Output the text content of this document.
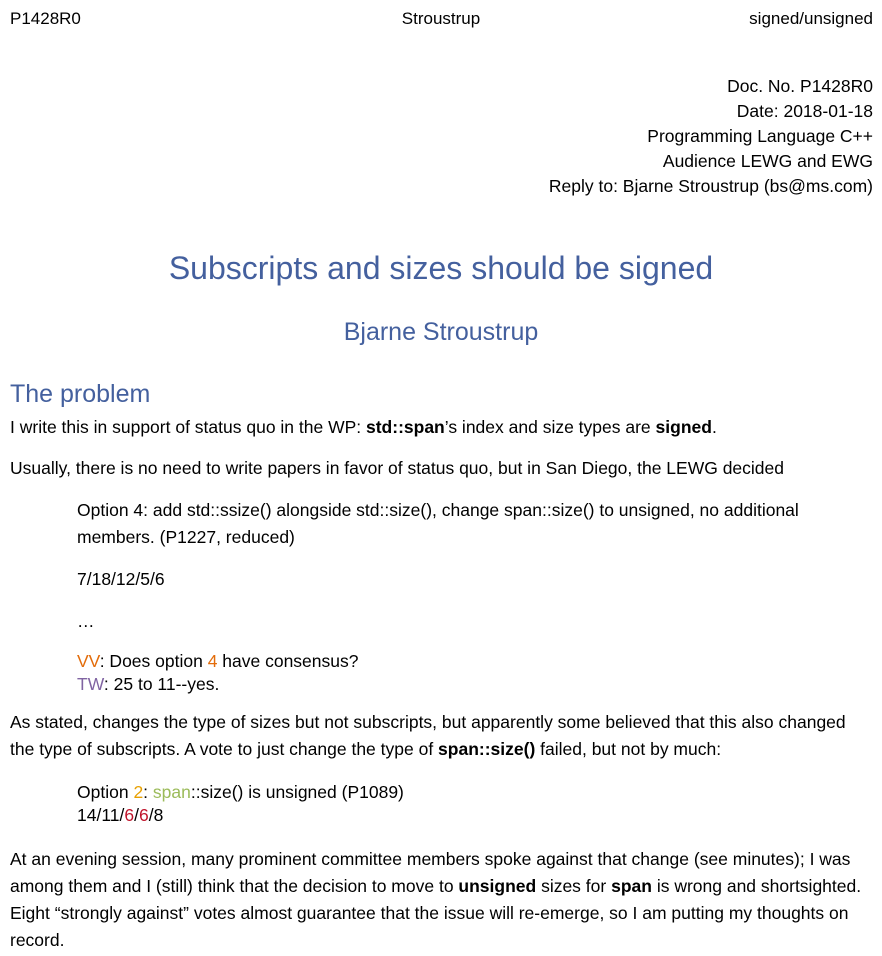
P1428R0	Stroustrup	signed/unsigned
Doc. No. P1428R0
Date: 2018-01-18
Programming Language C++
Audience LEWG and EWG
Reply to: Bjarne Stroustrup (bs@ms.com)
Subscripts and sizes should be signed
Bjarne Stroustrup
The problem
I write this in support of status quo in the WP: std::span’s index and size types are signed.
Usually, there is no need to write papers in favor of status quo, but in San Diego, the LEWG decided
Option 4: add std::ssize() alongside std::size(), change span::size() to unsigned, no additional members. (P1227, reduced)
7/18/12/5/6
…
VV: Does option 4 have consensus?
TW: 25 to 11--yes.
As stated, changes the type of sizes but not subscripts, but apparently some believed that this also changed the type of subscripts. A vote to just change the type of span::size() failed, but not by much:
Option 2: span::size() is unsigned (P1089)
14/11/6/6/8
At an evening session, many prominent committee members spoke against that change (see minutes); I was among them and I (still) think that the decision to move to unsigned sizes for span is wrong and shortsighted. Eight “strongly against” votes almost guarantee that the issue will re-emerge, so I am putting my thoughts on record.
